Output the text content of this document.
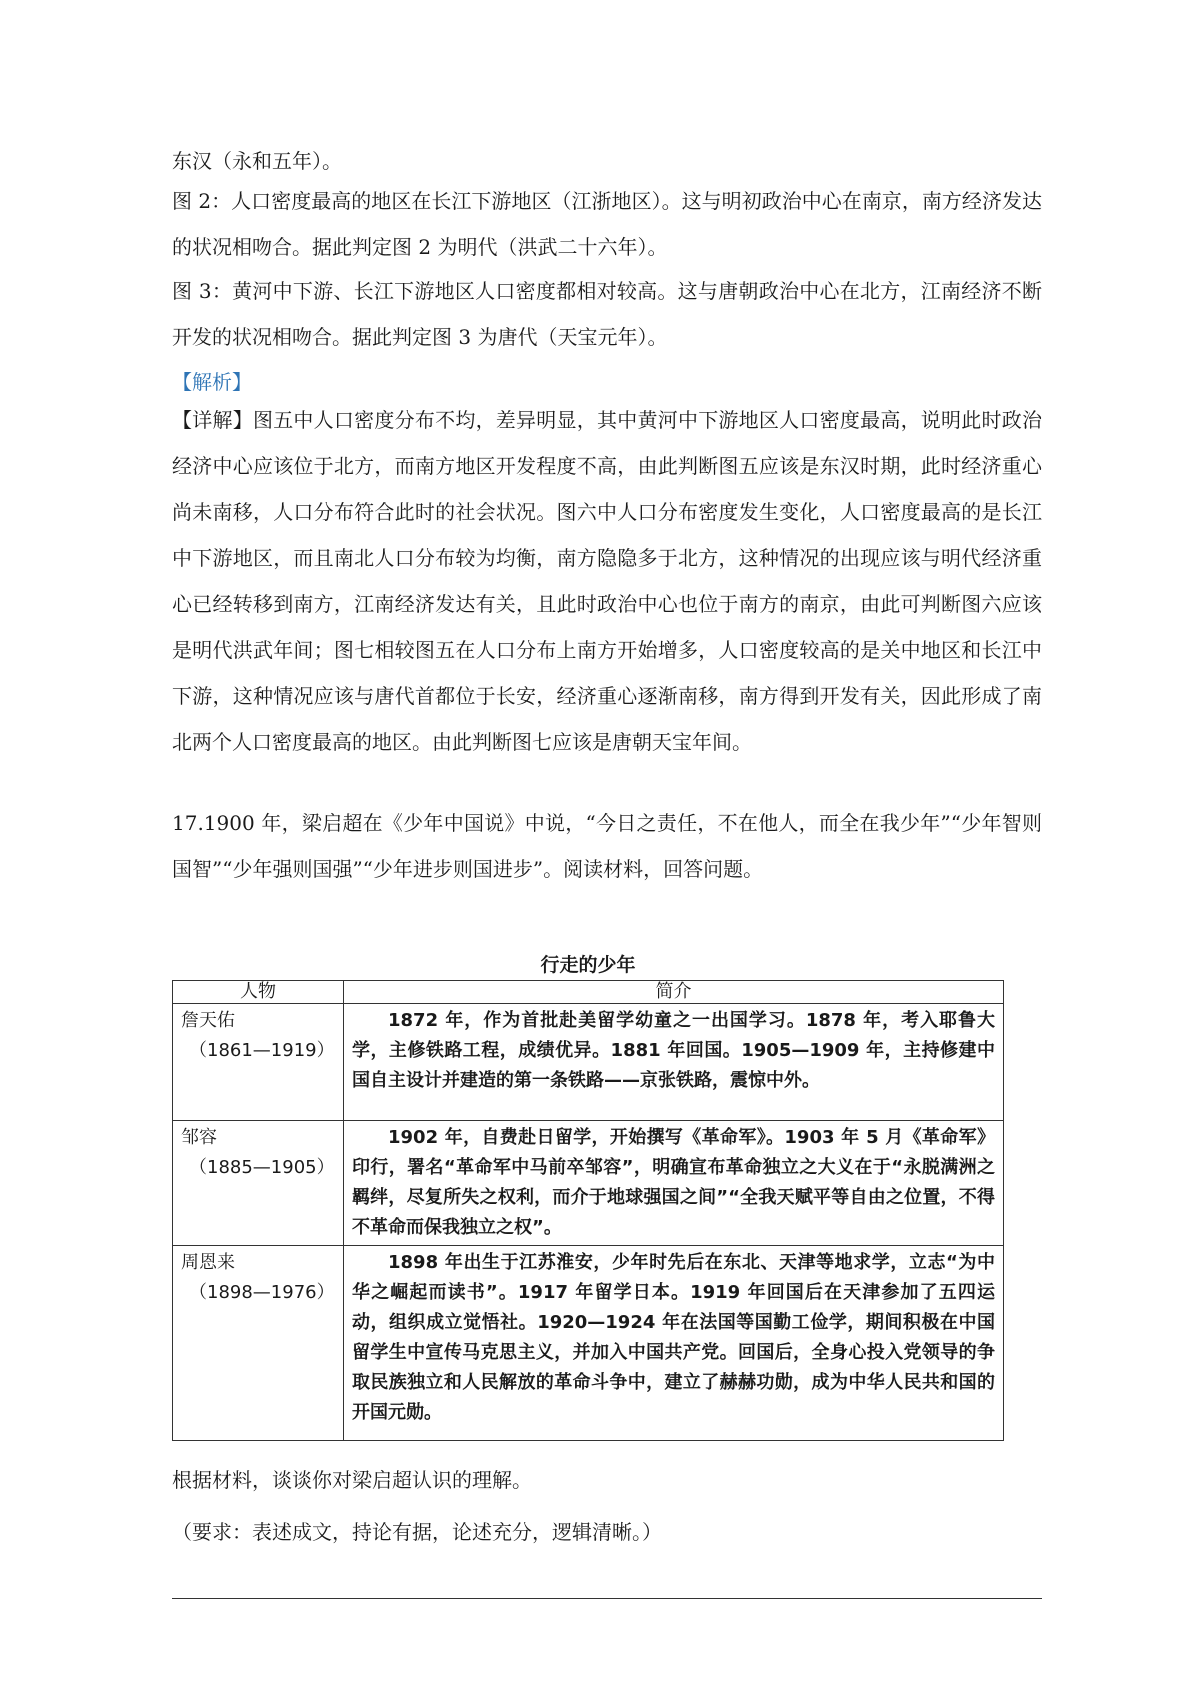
东汉（永和五年）。
图 2：人口密度最高的地区在长江下游地区（江浙地区）。这与明初政治中心在南京，南方经济发达的状况相吻合。据此判定图 2 为明代（洪武二十六年）。
图 3：黄河中下游、长江下游地区人口密度都相对较高。这与唐朝政治中心在北方，江南经济不断开发的状况相吻合。据此判定图 3 为唐代（天宝元年）。
【解析】
【详解】图五中人口密度分布不均，差异明显，其中黄河中下游地区人口密度最高，说明此时政治经济中心应该位于北方，而南方地区开发程度不高，由此判断图五应该是东汉时期，此时经济重心尚未南移，人口分布符合此时的社会状况。图六中人口分布密度发生变化，人口密度最高的是长江中下游地区，而且南北人口分布较为均衡，南方隐隐多于北方，这种情况的出现应该与明代经济重心已经转移到南方，江南经济发达有关，且此时政治中心也位于南方的南京，由此可判断图六应该是明代洪武年间；图七相较图五在人口分布上南方开始增多，人口密度较高的是关中地区和长江中下游，这种情况应该与唐代首都位于长安，经济重心逐渐南移，南方得到开发有关，因此形成了南北两个人口密度最高的地区。由此判断图七应该是唐朝天宝年间。
17.1900 年，梁启超在《少年中国说》中说，“今日之责任，不在他人，而全在我少年”“少年智则国智”“少年强则国强”“少年进步则国进步”。阅读材料，回答问题。
行走的少年
人物	简介

詹天佑
（1861—1919）	1872 年，作为首批赴美留学幼童之一出国学习。1878 年，考入耶鲁大学，主修铁路工程，成绩优异。1881 年回国。1905—1909 年，主持修建中国自主设计并建造的第一条铁路——京张铁路，震惊中外。

邹容
（1885—1905）	1902 年，自费赴日留学，开始撰写《革命军》。1903 年 5 月《革命军》印行，署名“革命军中马前卒邹容”，明确宣布革命独立之大义在于“永脱满洲之羁绊，尽复所失之权利，而介于地球强国之间”“全我天赋平等自由之位置，不得不革命而保我独立之权”。

周恩来
（1898—1976）	1898 年出生于江苏淮安，少年时先后在东北、天津等地求学，立志“为中华之崛起而读书”。1917 年留学日本。1919 年回国后在天津参加了五四运动，组织成立觉悟社。1920—1924 年在法国等国勤工俭学，期间积极在中国留学生中宣传马克思主义，并加入中国共产党。回国后，全身心投入党领导的争取民族独立和人民解放的革命斗争中，建立了赫赫功勋，成为中华人民共和国的开国元勋。
根据材料，谈谈你对梁启超认识的理解。
（要求：表述成文，持论有据，论述充分，逻辑清晰。）
